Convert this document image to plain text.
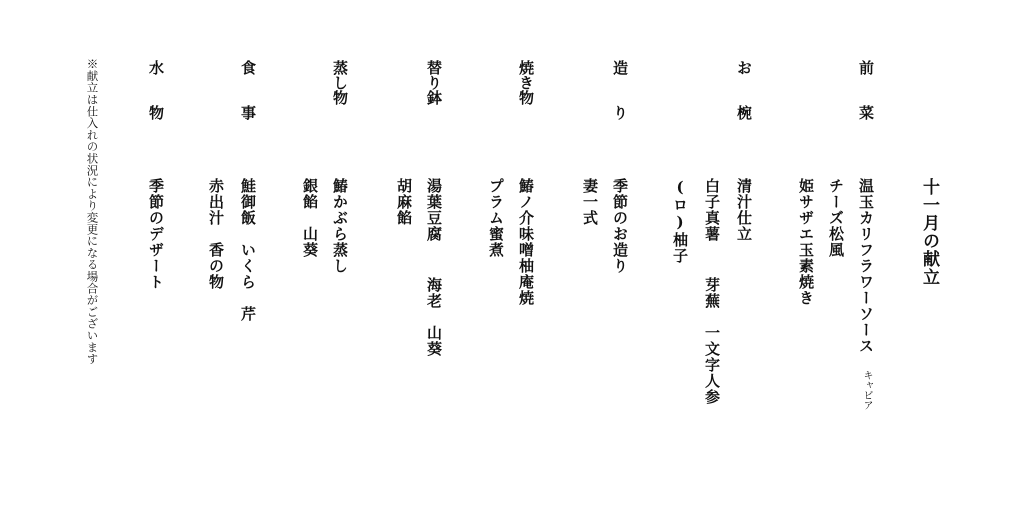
十一月の献立
前　　菜
温玉カリフラワーソース　キャビア
チーズ松風
姫サザエ玉素焼き
お　　椀
清汁仕立
白子真薯　 芽蕪　一文字人参
(ロ)柚子
造　　り
季節のお造り
妻一式
焼き物
鰆ノ介味噌柚庵焼
プラム蜜煮
替り鉢
湯葉豆腐　 海老　山葵
胡麻餡
蒸し物
鰆かぶら蒸し
銀餡　山葵
食　　事
鮭御飯　いくら　芹
赤出汁　香の物
水　　物
季節のデザート
※献立は仕入れの状況により変更になる場合がございます
